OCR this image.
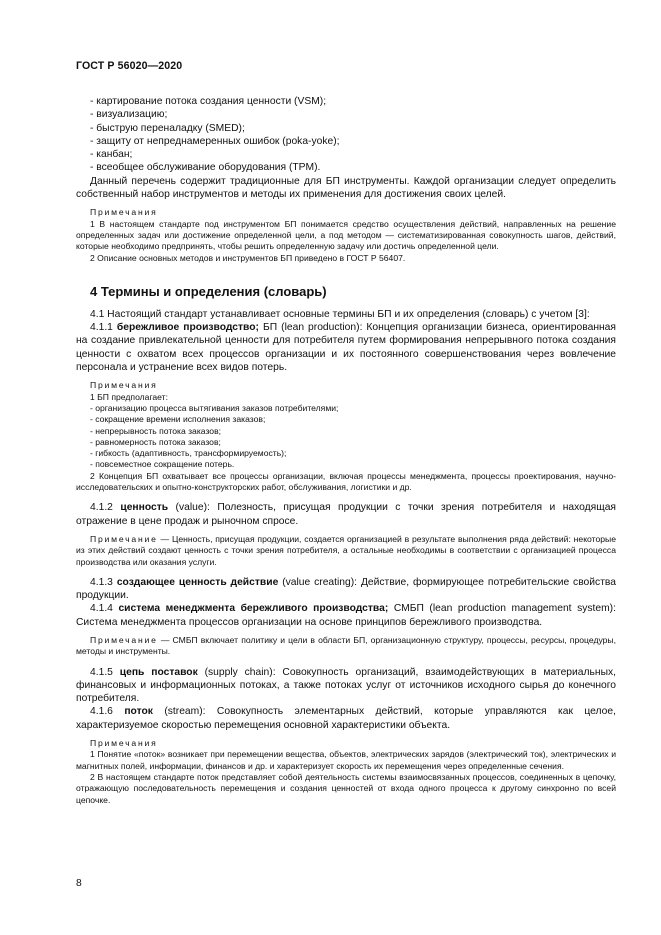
ГОСТ Р 56020—2020
- картирование потока создания ценности (VSM);
- визуализацию;
- быструю переналадку (SMED);
- защиту от непреднамеренных ошибок (poka-yoke);
- канбан;
- всеобщее обслуживание оборудования (TPM).

Данный перечень содержит традиционные для БП инструменты. Каждой организации следует определить собственный набор инструментов и методы их применения для достижения своих целей.

Примечания

1 В настоящем стандарте под инструментом БП понимается средство осуществления действий, направленных на решение определенных задач или достижение определенной цели, а под методом — систематизированная совокупность шагов, действий, которые необходимо предпринять, чтобы решить определенную задачу или достичь определенной цели.

2 Описание основных методов и инструментов БП приведено в ГОСТ Р 56407.

4 Термины и определения (словарь)

4.1 Настоящий стандарт устанавливает основные термины БП и их определения (словарь) с учетом [3]:

4.1.1 бережливое производство; БП (lean production): Концепция организации бизнеса, ориентированная на создание привлекательной ценности для потребителя путем формирования непрерывного потока создания ценности с охватом всех процессов организации и их постоянного совершенствования через вовлечение персонала и устранение всех видов потерь.

Примечания

1 БП предполагает:

- организацию процесса вытягивания заказов потребителями;
- сокращение времени исполнения заказов;
- непрерывность потока заказов;
- равномерность потока заказов;
- гибкость (адаптивность, трансформируемость);
- повсеместное сокращение потерь.

2 Концепция БП охватывает все процессы организации, включая процессы менеджмента, процессы проектирования, научно-исследовательских и опытно-конструкторских работ, обслуживания, логистики и др.

4.1.2 ценность (value): Полезность, присущая продукции с точки зрения потребителя и находящая отражение в цене продаж и рыночном спросе.

Примечание — Ценность, присущая продукции, создается организацией в результате выполнения ряда действий: некоторые из этих действий создают ценность с точки зрения потребителя, а остальные необходимы в соответствии с организацией процесса производства или оказания услуги.

4.1.3 создающее ценность действие (value creating): Действие, формирующее потребительские свойства продукции.

4.1.4 система менеджмента бережливого производства; СМБП (lean production management system): Система менеджмента процессов организации на основе принципов бережливого производства.

Примечание — СМБП включает политику и цели в области БП, организационную структуру, процессы, ресурсы, процедуры, методы и инструменты.

4.1.5 цепь поставок (supply chain): Совокупность организаций, взаимодействующих в материальных, финансовых и информационных потоках, а также потоках услуг от источников исходного сырья до конечного потребителя.

4.1.6 поток (stream): Совокупность элементарных действий, которые управляются как целое, характеризуемое скоростью перемещения основной характеристики объекта.

Примечания

1 Понятие «поток» возникает при перемещении вещества, объектов, электрических зарядов (электрический ток), электрических и магнитных полей, информации, финансов и др. и характеризует скорость их перемещения через определенные сечения.

2 В настоящем стандарте поток представляет собой деятельность системы взаимосвязанных процессов, соединенных в цепочку, отражающую последовательность перемещения и создания ценностей от входа одного процесса к другому синхронно по всей цепочке.

8
